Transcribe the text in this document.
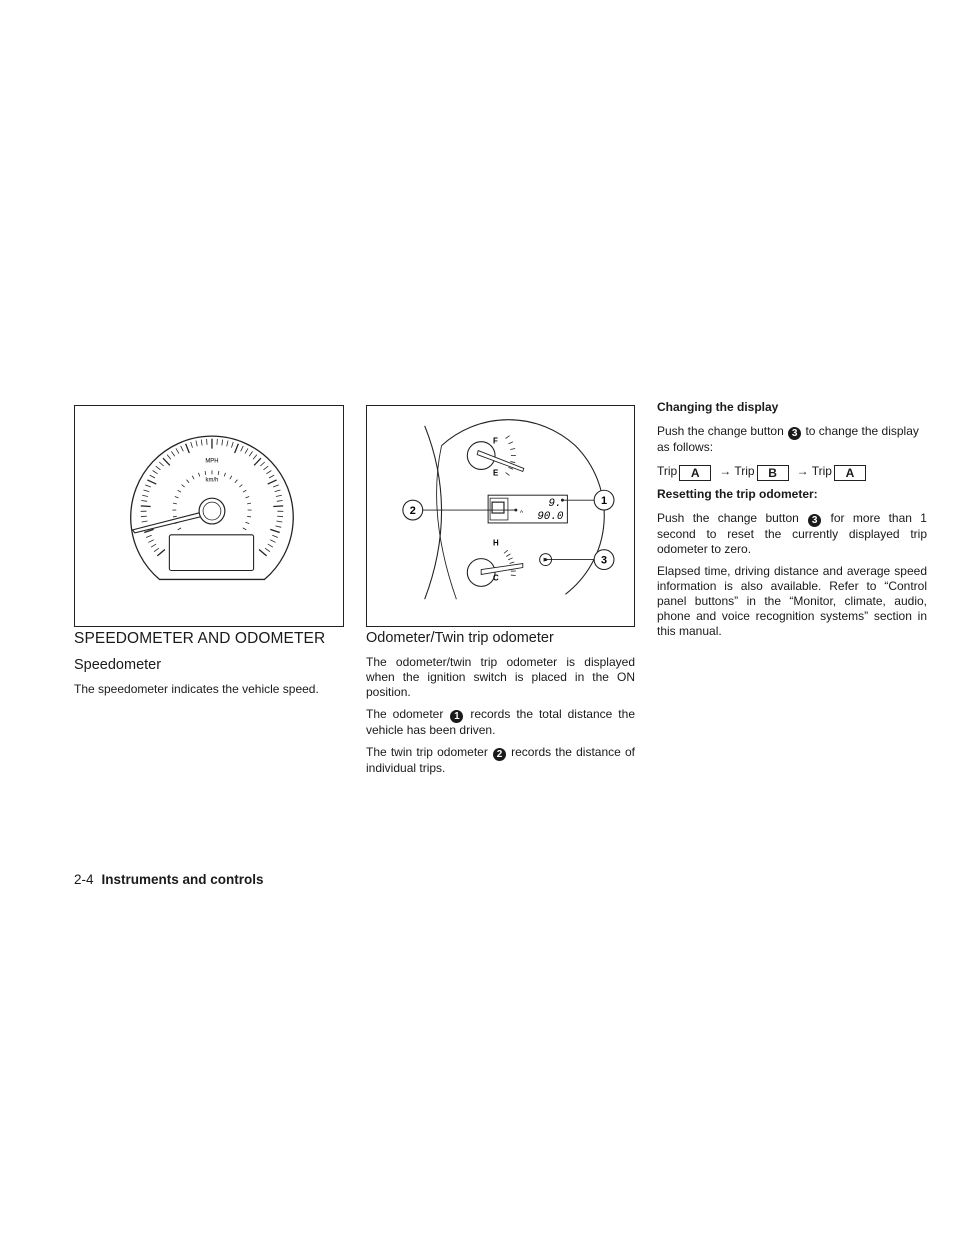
MPH
km/h
F
E
H
C
A
9.
90.0
1
2
3
SPEEDOMETER AND ODOMETER
Speedometer

The speedometer indicates the vehicle speed.

Odometer/Twin trip odometer

The odometer/twin trip odometer is displayed when the ignition switch is placed in the ON position.

The odometer 1 records the total distance the vehicle has been driven.

The twin trip odometer 2 records the distance of individual trips.

Changing the display

Push the change button 3 to change the display as follows:

Trip A → Trip B → Trip A
Resetting the trip odometer:

Push the change button 3 for more than 1 second to reset the currently displayed trip odometer to zero.

Elapsed time, driving distance and average speed information is also available. Refer to “Control panel buttons” in the “Monitor, climate, audio, phone and voice recognition systems” section in this manual.

2-4 Instruments and controls
